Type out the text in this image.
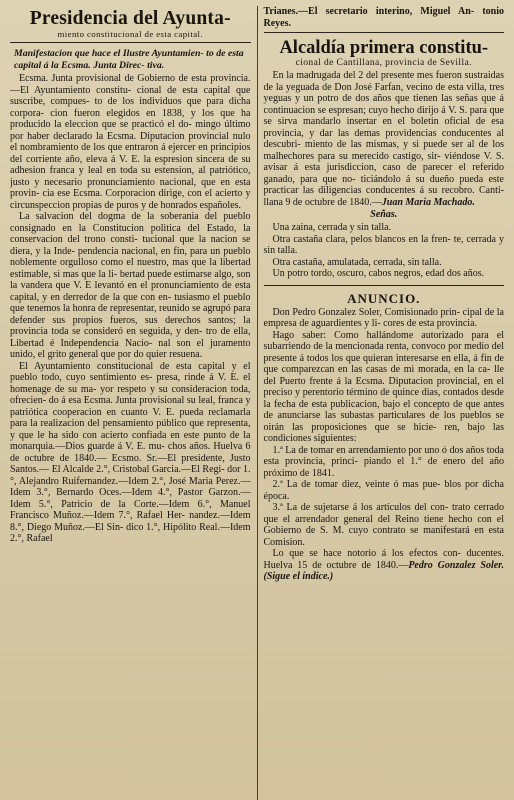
Presidencia del Ayunta-
miento constitucional de esta capital.
Manifestacion que hace el Ilustre Ayuntamien- to de esta capital á la Ecsma. Junta Direc- tiva.

Ecsma. Junta provisional de Gobierno de esta provincia.—El Ayuntamiento constitu- cional de esta capital que suscribe, compues- to de los individuos que para dicha corpora- cion fueron elegidos en 1838, y los que ha producido la eleccion que se practicó el do- mingo último por haber declarado la Ecsma. Diputacion provincial nulo el nombramiento de los que entraron á ejercer en principios del corriente año, eleva á V. E. la espresion sincera de su adhesion franca y leal en toda su estension, al patriótico, justo y necesario pronunciamiento nacional, que en esta provin- cia ese Ecsma. Corporacion dirige, con el acierto y circunspeccion propias de puros y de honrados españoles.

La salvacion del dogma de la soberania del pueblo consignado en la Constitucion politica del Estado, la conservacion del trono consti- tucional que la nacion se diera, y la Inde- pendencia nacional, en fin, para un pueblo noblemente orgulloso como el nuestro, mas que la libertad estimable, si mas que la li- bertad puede estimarse algo, son la vandera que V. E levantó en el pronunciamiento de esta capital, y en derredor de la que con en- tusiasmo el pueblo que tenemos la honra de representar, reunido se agrupó para defender sus propios fueros, sus derechos santos; la provincia toda se consideró en seguida, y den- tro de ella, Libertad é Independencia Nacio- nal son el juramento unido, el grito general que por do quier resuena.

El Ayuntamiento constitucional de esta capital y el pueblo todo, cuyo sentimiento es- presa, rinde á V. E. el homenage de su ma- yor respeto y su consideracion toda, ofrecien- do á esa Ecsma. Junta provisional su leal, franca y patriótica cooperacion en cuanto V. E. pueda reclamarla para la realizacion del pensamiento público que representa, y que le ha sido con acierto confiada en este punto de la monarquia.—Dios guarde á V. E. mu- chos años. Huelva 6 de octubre de 1840.— Ecsmo. Sr.—El presidente, Justo Santos.— El Alcalde 2.°, Cristobal Garcia.—El Regi- dor 1.°, Alejandro Ruifernandez.—Idem 2.°, José Maria Perez.—Idem 3.°, Bernardo Oces.—Idem 4.°, Pastor Garzon.—Idem 5.°, Patricio de la Corte.—Idem 6.°, Manuel Francisco Muñoz.—Idem 7.°, Rafael Her- nandez.—Idem 8.°, Diego Muñoz.—El Sin- dico 1.°, Hipólito Real.—Idem 2.°, Rafael

Trianes.—El secretario interino, Miguel An- tonio Reyes.

Alcaldía primera constitu-
cional de Cantillana, provincia de Sevilla.

En la madrugada del 2 del presente mes fueron sustraidas de la yeguada de Don José Farfan, vecino de esta villa, tres yeguas y un potro de dos años que tienen las señas que á continuacion se espresan; cuyo hecho dirijo á V. S. para que se sirva mandarlo insertar en el boletin oficial de esa provincia, y dar las demas providencias conducentes al descubri- miento de las mismas, y si puede ser al de los malhechores para su merecido castigo, sir- viéndose V. S. avisar á esta jurisdiccion, caso de parecer el referido ganado, para que no- ticiándolo á su dueño pueda este practicar las diligencias conducentes á su recobro. Canti- llana 9 de octubre de 1840.—Juan Maria Machado.

Señas.

Una zaina, cerrada y sin talla.

Otra castaña clara, pelos blancos en la fren- te, cerrada y sin talla.

Otra castaña, amulatada, cerrada, sin talla.

Un potro tordo, oscuro, cabos negros, edad dos años.

ANUNCIO.

Don Pedro Gonzalez Soler, Comisionado prin- cipal de la empresa de aguardientes y li- cores de esta provincia.

Hago saber: Como hallándome autorizado para el subarriendo de la mencionada renta, convoco por medio del presente á todos los que quieran interesarse en ella, á fin de que comparezcan en las casas de mi morada, en la ca- lle del Puerto frente á la Ecsma. Diputacion provincial, en el preciso y perentorio término de quince dias, contados desde la fecha de esta publicacion, bajo el concepto de que antes de anunciarse las subastas particulares de los pueblos se oirán las proposiciones que se hicie- ren, bajo las condiciones siguientes:

1.ª La de tomar en arrendamiento por uno ó dos años toda esta provincia, princi- piando el 1.° de enero del año próximo de 1841.

2.ª La de tomar diez, veinte ó mas pue- blos por dicha época.

3.ª La de sujetarse á los artículos del con- trato cerrado que el arrendador general del Reino tiene hecho con el Gobierno de S. M. cuyo contrato se manifestará en esta Comision.

Lo que se hace notorio á los efectos con- ducentes. Huelva 15 de octubre de 1840.—Pedro Gonzalez Soler. (Sigue el índice.)
